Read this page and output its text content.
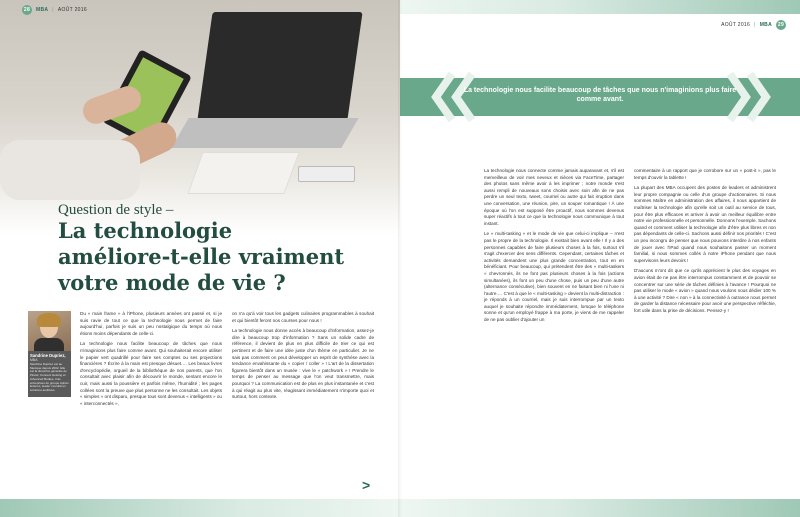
28	MBA | AOÛT 2016
Question de style –
La technologie
améliore-t-elle vraiment
votre mode de vie ?
Sandrine Dupriez,
MBA
Sandrine Dupriez est au Mexique depuis 2002. Elle est la directrice générale de Pluriel, Connect Hosting et Advanced Bodies, trois entreprises du groupe Aplicio Enteros, leader mondial en solutions auditives.

Du « main frame » à l'iPhone, plusieurs années ont passé et, si je suis ravie de tout ce que la technologie nous permet de faire aujourd'hui, parfois je suis un peu nostalgique du temps où nous étions moins dépendants de celle-ci.

La technologie nous facilite beaucoup de tâches que nous n'imaginions plus faire comme avant. Qui souhaiterait encore utiliser le papier vert quadrillé pour faire ses comptes ou ses projections financières ? Écrire à la main est presque désuet.… Les beaux livres d'encyclopédie, orgueil de la bibliothèque de nos parents, que l'on consultait avec plaisir afin de découvrir le monde, sentant encore le cuir, mais aussi la poussière et parfois même, l'humidité ; les pages collées sont la preuve que plus personne ne les consultait. Les objets « simples » ont disparu, presque tous sont devenus « intelligents » ou « interconnectés »,

on n'a qu'à voir tous les gadgets culinaires programmables à souhait et qui bientôt feront nos courses pour nous !

La technologie nous donne accès à beaucoup d'information, assez-je dire à beaucoup trop d'information ? Sans un solide cadre de référence, il devient de plus en plus difficile de trier ce qui est pertinent et de faire une idée juste d'un thème en particulier. Je ne sais pas comment on peut développer un esprit de synthèse avec la tendance envahissante du « copier / coller » ! L'art de la dissertation figurera bientôt dans un musée : vive le « patchwork » ! Prendre le temps de penser au message que l'on veut transmettre, mais pourquoi ? La communication est de plus en plus instantanée et c'est à qui réagit au plus vite, réagissant immédiatement n'importe quoi et surtout, hors contexte.

>
AOÛT 2016 | MBA	29
La technologie nous facilite beaucoup de tâches que nous n'imaginions plus faire comme avant.

La technologie nous connecte comme jamais auparavant et, s'il est merveilleux de voir mes neveux et nièces via FaceTime, partager des photos sans même avoir à les imprimer ; notre monde s'est aussi rempli de nouveaux sons choisis avec soin afin de ne pas perdre un seul texto, tweet, courriel ou autre qui fait irruption dans une conversation, une réunion, pire, un souper romantique ! À une époque où l'on est supposé être proactif, nous sommes devenus super réactifs à tout ce que la technologie nous communique à tout instant.

Le « multi-tasking » et le mode de vie que celui-ci implique – n'est pas le propre de la technologie. Il existait bien avant elle ! Il y a des personnes capables de faire plusieurs choses à la fois, surtout s'il s'agit d'exercer des sens différents. Cependant, certaines tâches et activités demandent une plus grande concentration, tout en en bénéficiant. Pour beaucoup, qui prétendent être des « multi-taskers » chevronnés, ils ne font pas plusieurs choses à la fois (actions simultanées), ils font un peu d'une chose, puis un peu d'une autre (alternance consécutive), bien souvent en ne faisant bien ni l'une ni l'autre.… C'est à que le « multi-tasking » devient la multi-distraction : je réponds à un courriel, mais je suis interrompue par un texto auquel je souhaite répondre immédiatement, lorsque le téléphone sonne et qu'un employé frappe à ma porte, je viens de me rappeler de ne pas oublier d'ajouter un

commentaire à un rapport que je corrobore sur un « post-it », pas le temps d'ouvrir la tablette !

La plupart des MBA occupent des postes de leaders et administrent leur propre compagnie ou celle d'un groupe d'actionnaires. Si nous sommes Maître en administration des affaires, il nous appartient de maîtriser la technologie afin qu'elle soit un outil au service de tous, pour être plus efficaces et arriver à avoir un meilleur équilibre entre notre vie professionnelle et personnelle. Donnons l'exemple. Sachons quand et comment utiliser la technologie afin d'être plus libres et non pas dépendants de celle-ci. Sachons aussi définir nos priorités ! C'est un peu incongru de penser que nous pouvons interdire à nos enfants de jouer avec l'iPad quand nous souhaitons passer un moment familial, si nous sommes collés à notre iPhone pendant que nous supervisons leurs devoirs !

D'aucuns m'ont dit que ce qu'ils apprécient le plus des voyages en avion était de ne pas être interrompus constamment et de pouvoir se concentrer sur une série de tâches définies à l'avance ! Pourquoi ne pas utiliser le mode « avion » quand nous voulons nous dédier 100 % à une activité ? Dire « non » à la connectivité à outrance nous permet de garder la distance nécessaire pour avoir une perspective réfléchie, fort utile dans la prise de décisions. Pensez-y !
